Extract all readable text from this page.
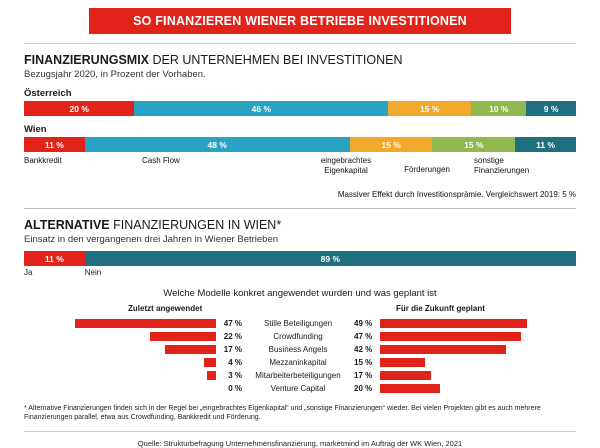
SO FINANZIEREN WIENER BETRIEBE INVESTITIONEN
FINANZIERUNGSMIX DER UNTERNEHMEN BEI INVESTITIONEN
Bezugsjahr 2020, in Prozent der Vorhaben.
Österreich
20 %	46 %	15 %	10 %	9 %
Wien
11 %	48 %	15 %	15 %	11 %
Bankkredit	Cash Flow	eingebrachtes
Eigenkapital	Förderungen
sonstige
Finanzierungen
Massiver Effekt durch Investitionsprämie. Vergleichswert 2019: 5 %
ALTERNATIVE FINANZIERUNGEN IN WIEN*
Einsatz in den vergangenen drei Jahren in Wiener Betrieben
11 %	89 %
Ja	Nein
Welche Modelle konkret angewendet wurden und was geplant ist
Zuletzt angewendet	Für die Zukunft geplant
	47 %	Stille Beteiligungen	49 %	

	22 %	Crowdfunding	47 %	

	17 %	Business Angels	42 %	

	4 %	Mezzaninkapital	15 %	

	3 %	Mitarbeiterbeteiligungen	17 %	

	0 %	Venture Capital	20 %	
* Alternative Finanzierungen finden sich in der Regel bei „eingebrachtes Eigenkapital“ und „sonstige Finanzierungen“ wieder. Bei vielen Projekten gibt es auch mehrere Finanzierungen parallel, etwa aus Crowdfunding, Bankkredit und Förderung.
Quelle: Strukturbefragung Unternehmensfinanzierung, marketmind im Auftrag der WK Wien, 2021
